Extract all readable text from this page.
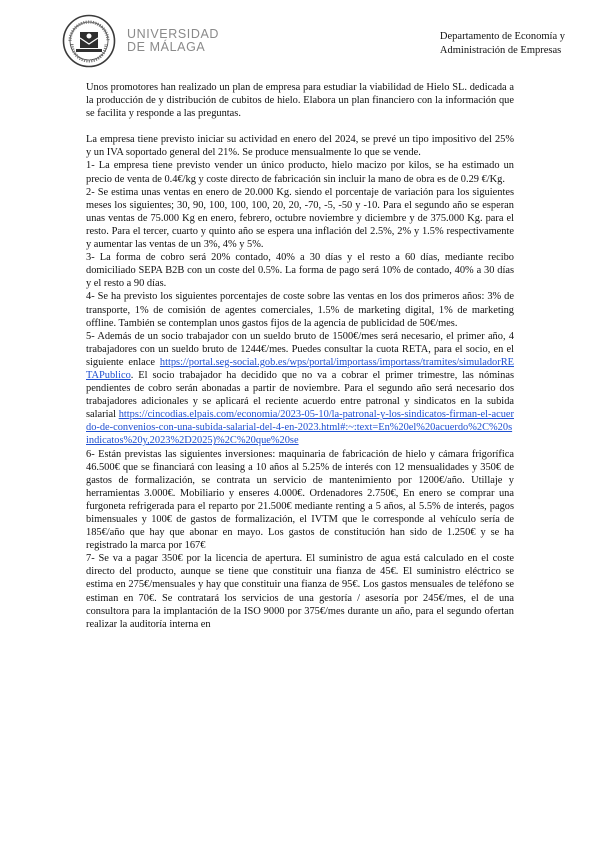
UNIVERSIDAD
DE MÁLAGA
Departamento de Economía y
Administración de Empresas

Unos promotores han realizado un plan de empresa para estudiar la viabilidad de Hielo SL. dedicada a la producción de y distribución de cubitos de hielo. Elabora un plan financiero con la información que se facilita y responde a las preguntas.

La empresa tiene previsto iniciar su actividad en enero del 2024, se prevé un tipo impositivo del 25% y un IVA soportado general del 21%. Se produce mensualmente lo que se vende.

1- La empresa tiene previsto vender un único producto, hielo macizo por kilos, se ha estimado un precio de venta de 0.4€/kg y coste directo de fabricación sin incluir la mano de obra es de 0.29 €/Kg.

2- Se estima unas ventas en enero de 20.000 Kg. siendo el porcentaje de variación para los siguientes meses los siguientes; 30, 90, 100, 100, 100, 20, 20, -70, -5, -50 y -10. Para el segundo año se esperan unas ventas de 75.000 Kg en enero, febrero, octubre noviembre y diciembre y de 375.000 Kg. para el resto. Para el tercer, cuarto y quinto año se espera una inflación del 2.5%, 2% y 1.5% respectivamente y aumentar las ventas de un 3%, 4% y 5%.

3- La forma de cobro será 20% contado, 40% a 30 días y el resto a 60 días, mediante recibo domiciliado SEPA B2B con un coste del 0.5%. La forma de pago será 10% de contado, 40% a 30 días y el resto a 90 días.

4- Se ha previsto los siguientes porcentajes de coste sobre las ventas en los dos primeros años: 3% de transporte, 1% de comisión de agentes comerciales, 1.5% de marketing digital, 1% de marketing offline. También se contemplan unos gastos fijos de la agencia de publicidad de 50€/mes.

5- Además de un socio trabajador con un sueldo bruto de 1500€/mes será necesario, el primer año, 4 trabajadores con un sueldo bruto de 1244€/mes. Puedes consultar la cuota RETA, para el socio, en el siguiente enlace https://portal.seg-social.gob.es/wps/portal/importass/importass/tramites/simuladorRETAPublico. El socio trabajador ha decidido que no va a cobrar el primer trimestre, las nóminas pendientes de cobro serán abonadas a partir de noviembre. Para el segundo año será necesario dos trabajadores adicionales y se aplicará el reciente acuerdo entre patronal y sindicatos en la subida salarial https://cincodias.elpais.com/economia/2023-05-10/la-patronal-y-los-sindicatos-firman-el-acuerdo-de-convenios-con-una-subida-salarial-del-4-en-2023.html#:~:text=En%20el%20acuerdo%2C%20sindicatos%20y,2023%2D2025)%2C%20que%20se

6- Están previstas las siguientes inversiones: maquinaria de fabricación de hielo y cámara frigorífica 46.500€ que se financiará con leasing a 10 años al 5.25% de interés con 12 mensualidades y 350€ de gastos de formalización, se contrata un servicio de mantenimiento por 1200€/año. Utillaje y herramientas 3.000€. Mobiliario y enseres 4.000€. Ordenadores 2.750€, En enero se comprar una furgoneta refrigerada para el reparto por 21.500€ mediante renting a 5 años, al 5.5% de interés, pagos bimensuales y 100€ de gastos de formalización, el IVTM que le corresponde al vehículo sería de 185€/año que hay que abonar en mayo. Los gastos de constitución han sido de 1.250€ y se ha registrado la marca por 167€

7- Se va a pagar 350€ por la licencia de apertura. El suministro de agua está calculado en el coste directo del producto, aunque se tiene que constituir una fianza de 45€. El suministro eléctrico se estima en 275€/mensuales y hay que constituir una fianza de 95€. Los gastos mensuales de teléfono se estiman en 70€. Se contratará los servicios de una gestoría / asesoría por 245€/mes, el de una consultora para la implantación de la ISO 9000 por 375€/mes durante un año, para el segundo ofertan realizar la auditoría interna en
